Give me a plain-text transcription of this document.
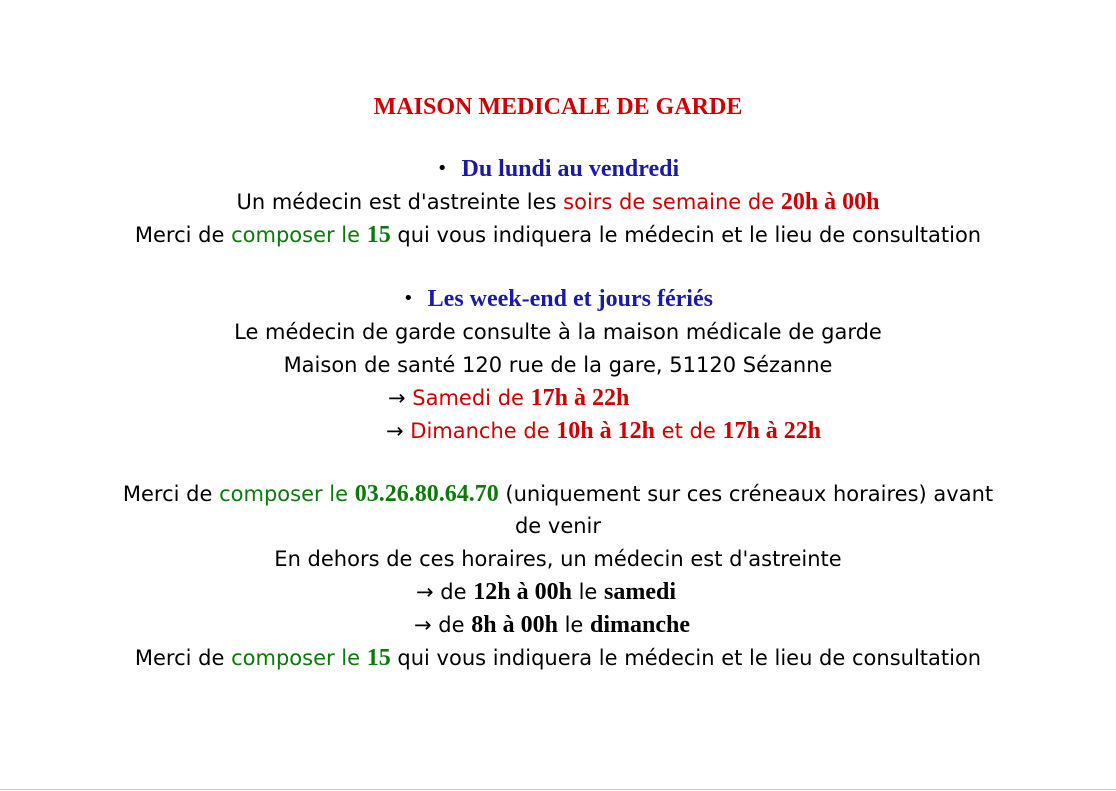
MAISON MEDICALE DE GARDE
• Du lundi au vendredi
Un médecin est d'astreinte les soirs de semaine de 20h à 00h
Merci de composer le 15 qui vous indiquera le médecin et le lieu de consultation
• Les week-end et jours fériés
Le médecin de garde consulte à la maison médicale de garde
Maison de santé 120 rue de la gare, 51120 Sézanne
→ Samedi de 17h à 22h
→ Dimanche de 10h à 12h et de 17h à 22h
Merci de composer le 03.26.80.64.70 (uniquement sur ces créneaux horaires) avant
de venir
En dehors de ces horaires, un médecin est d'astreinte
→ de 12h à 00h le samedi
→ de 8h à 00h le dimanche
Merci de composer le 15 qui vous indiquera le médecin et le lieu de consultation
